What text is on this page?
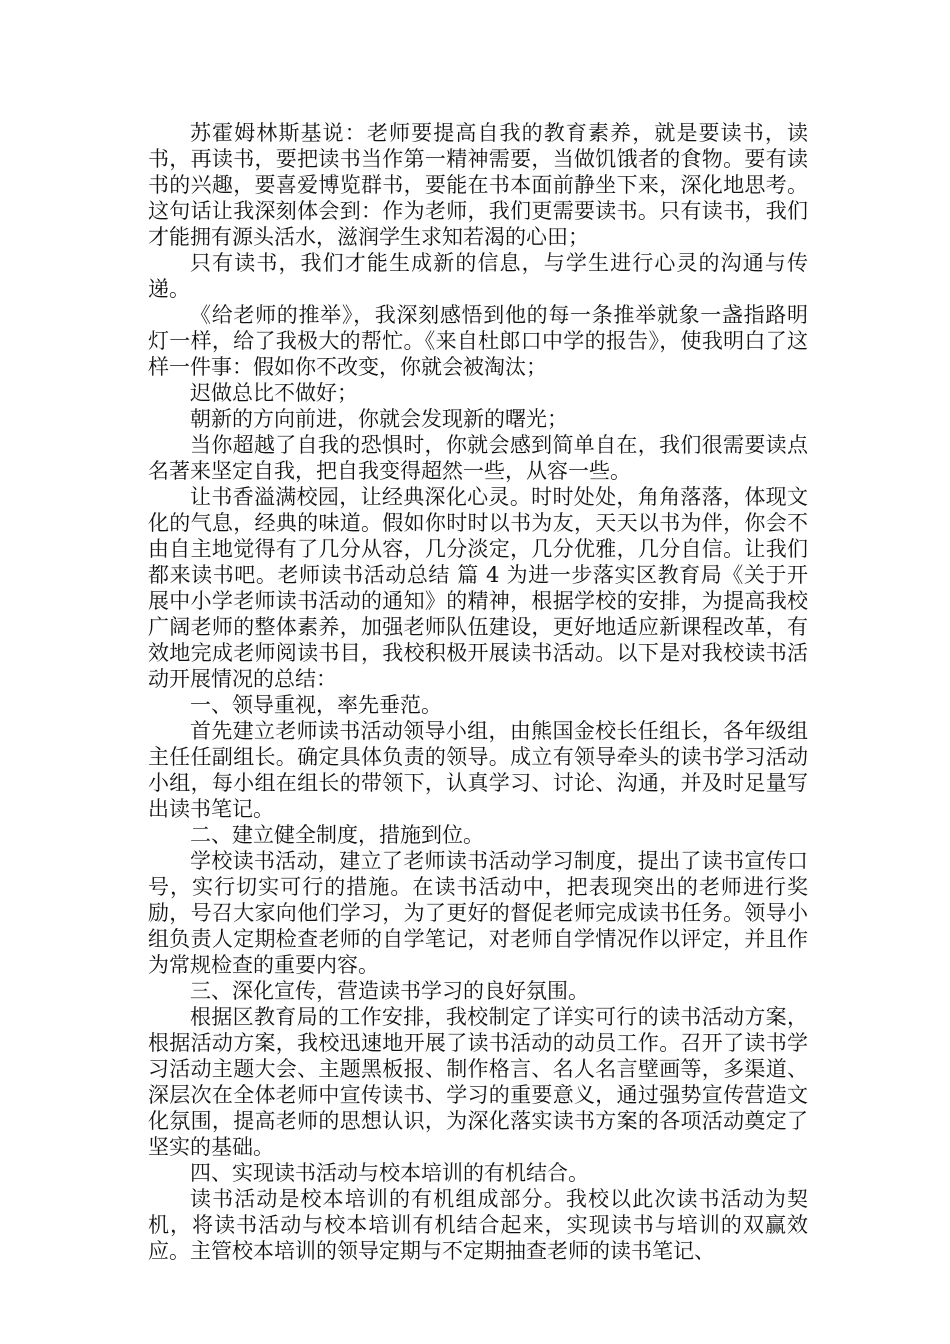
苏霍姆林斯基说：老师要提高自我的教育素养，就是要读书，读书，再读书，要把读书当作第一精神需要，当做饥饿者的食物。要有读书的兴趣，要喜爱博览群书，要能在书本面前静坐下来，深化地思考。这句话让我深刻体会到：作为老师，我们更需要读书。只有读书，我们才能拥有源头活水，滋润学生求知若渴的心田；

只有读书，我们才能生成新的信息，与学生进行心灵的沟通与传递。

《给老师的推举》，我深刻感悟到他的每一条推举就象一盏指路明灯一样，给了我极大的帮忙。《来自杜郎口中学的报告》，使我明白了这样一件事：假如你不改变，你就会被淘汰；

迟做总比不做好；

朝新的方向前进，你就会发现新的曙光；

当你超越了自我的恐惧时，你就会感到简单自在，我们很需要读点名著来坚定自我，把自我变得超然一些，从容一些。

让书香溢满校园，让经典深化心灵。时时处处，角角落落，体现文化的气息，经典的味道。假如你时时以书为友，天天以书为伴，你会不由自主地觉得有了几分从容，几分淡定，几分优雅，几分自信。让我们都来读书吧。老师读书活动总结 篇 4 为进一步落实区教育局《关于开展中小学老师读书活动的通知》的精神，根据学校的安排，为提高我校广阔老师的整体素养，加强老师队伍建设，更好地适应新课程改革，有效地完成老师阅读书目，我校积极开展读书活动。以下是对我校读书活动开展情况的总结：

一、领导重视，率先垂范。

首先建立老师读书活动领导小组，由熊国金校长任组长，各年级组主任任副组长。确定具体负责的领导。成立有领导牵头的读书学习活动小组，每小组在组长的带领下，认真学习、讨论、沟通，并及时足量写出读书笔记。

二、建立健全制度，措施到位。

学校读书活动，建立了老师读书活动学习制度，提出了读书宣传口号，实行切实可行的措施。在读书活动中，把表现突出的老师进行奖励，号召大家向他们学习，为了更好的督促老师完成读书任务。领导小组负责人定期检查老师的自学笔记，对老师自学情况作以评定，并且作为常规检查的重要内容。

三、深化宣传，营造读书学习的良好氛围。

根据区教育局的工作安排，我校制定了详实可行的读书活动方案，根据活动方案，我校迅速地开展了读书活动的动员工作。召开了读书学习活动主题大会、主题黑板报、制作格言、名人名言壁画等，多渠道、深层次在全体老师中宣传读书、学习的重要意义，通过强势宣传营造文化氛围，提高老师的思想认识，为深化落实读书方案的各项活动奠定了坚实的基础。

四、实现读书活动与校本培训的有机结合。

读书活动是校本培训的有机组成部分。我校以此次读书活动为契机，将读书活动与校本培训有机结合起来，实现读书与培训的双赢效应。主管校本培训的领导定期与不定期抽查老师的读书笔记、
